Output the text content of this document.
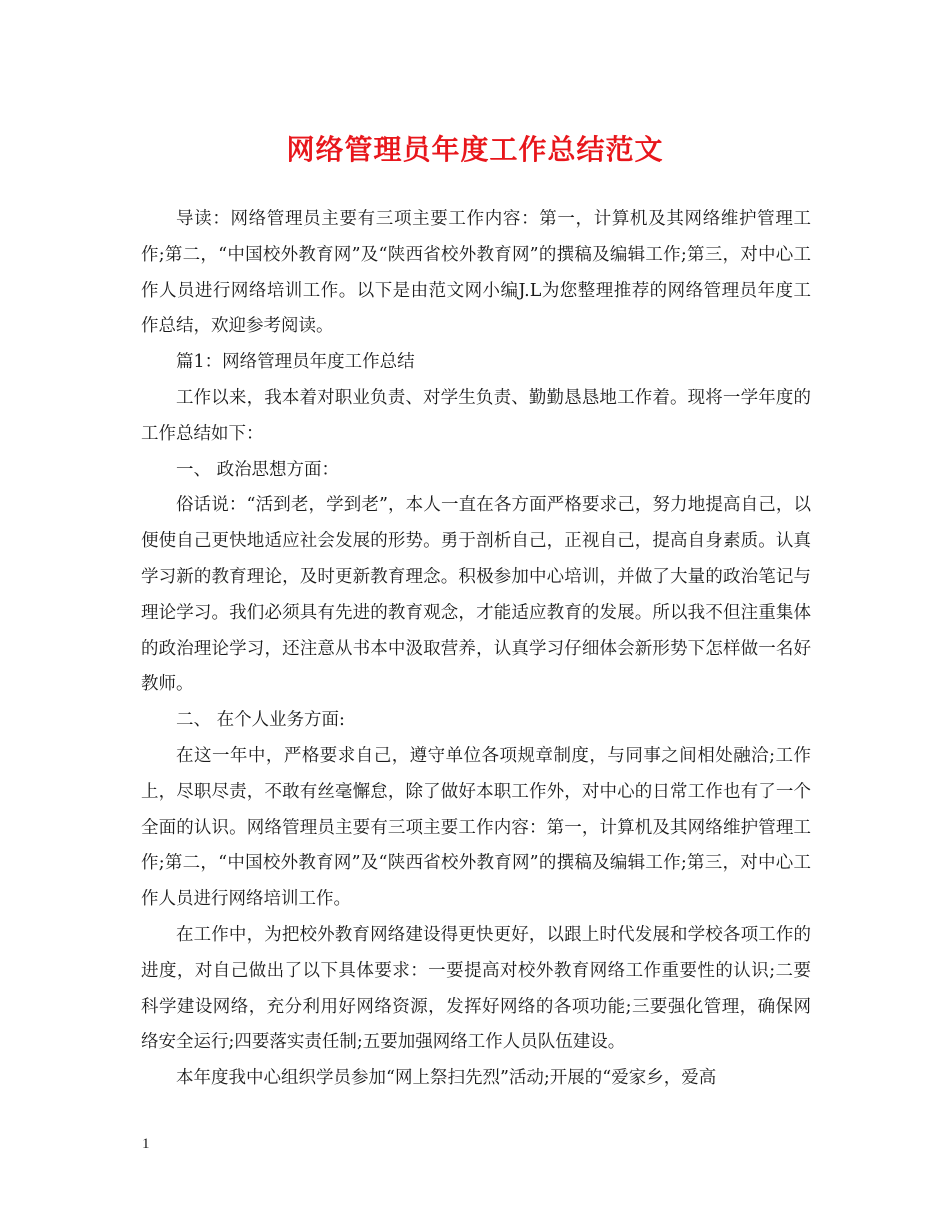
网络管理员年度工作总结范文

导读：网络管理员主要有三项主要工作内容：第一，计算机及其网络维护管理工作;第二，“中国校外教育网”及“陕西省校外教育网”的撰稿及编辑工作;第三，对中心工作人员进行网络培训工作。以下是由范文网小编J.L为您整理推荐的网络管理员年度工作总结，欢迎参考阅读。

篇1：网络管理员年度工作总结

工作以来，我本着对职业负责、对学生负责、勤勤恳恳地工作着。现将一学年度的工作总结如下：

一、 政治思想方面：

俗话说：“活到老，学到老”，本人一直在各方面严格要求己，努力地提高自己，以便使自己更快地适应社会发展的形势。勇于剖析自己，正视自己，提高自身素质。认真学习新的教育理论，及时更新教育理念。积极参加中心培训，并做了大量的政治笔记与理论学习。我们必须具有先进的教育观念，才能适应教育的发展。所以我不但注重集体的政治理论学习，还注意从书本中汲取营养，认真学习仔细体会新形势下怎样做一名好教师。

二、 在个人业务方面:

在这一年中，严格要求自己，遵守单位各项规章制度，与同事之间相处融洽;工作上，尽职尽责，不敢有丝毫懈怠，除了做好本职工作外，对中心的日常工作也有了一个全面的认识。网络管理员主要有三项主要工作内容：第一，计算机及其网络维护管理工作;第二，“中国校外教育网”及“陕西省校外教育网”的撰稿及编辑工作;第三，对中心工作人员进行网络培训工作。

在工作中，为把校外教育网络建设得更快更好，以跟上时代发展和学校各项工作的进度，对自己做出了以下具体要求：一要提高对校外教育网络工作重要性的认识;二要科学建设网络，充分利用好网络资源，发挥好网络的各项功能;三要强化管理，确保网络安全运行;四要落实责任制;五要加强网络工作人员队伍建设。

本年度我中心组织学员参加“网上祭扫先烈”活动;开展的“爱家乡，爱高

1
